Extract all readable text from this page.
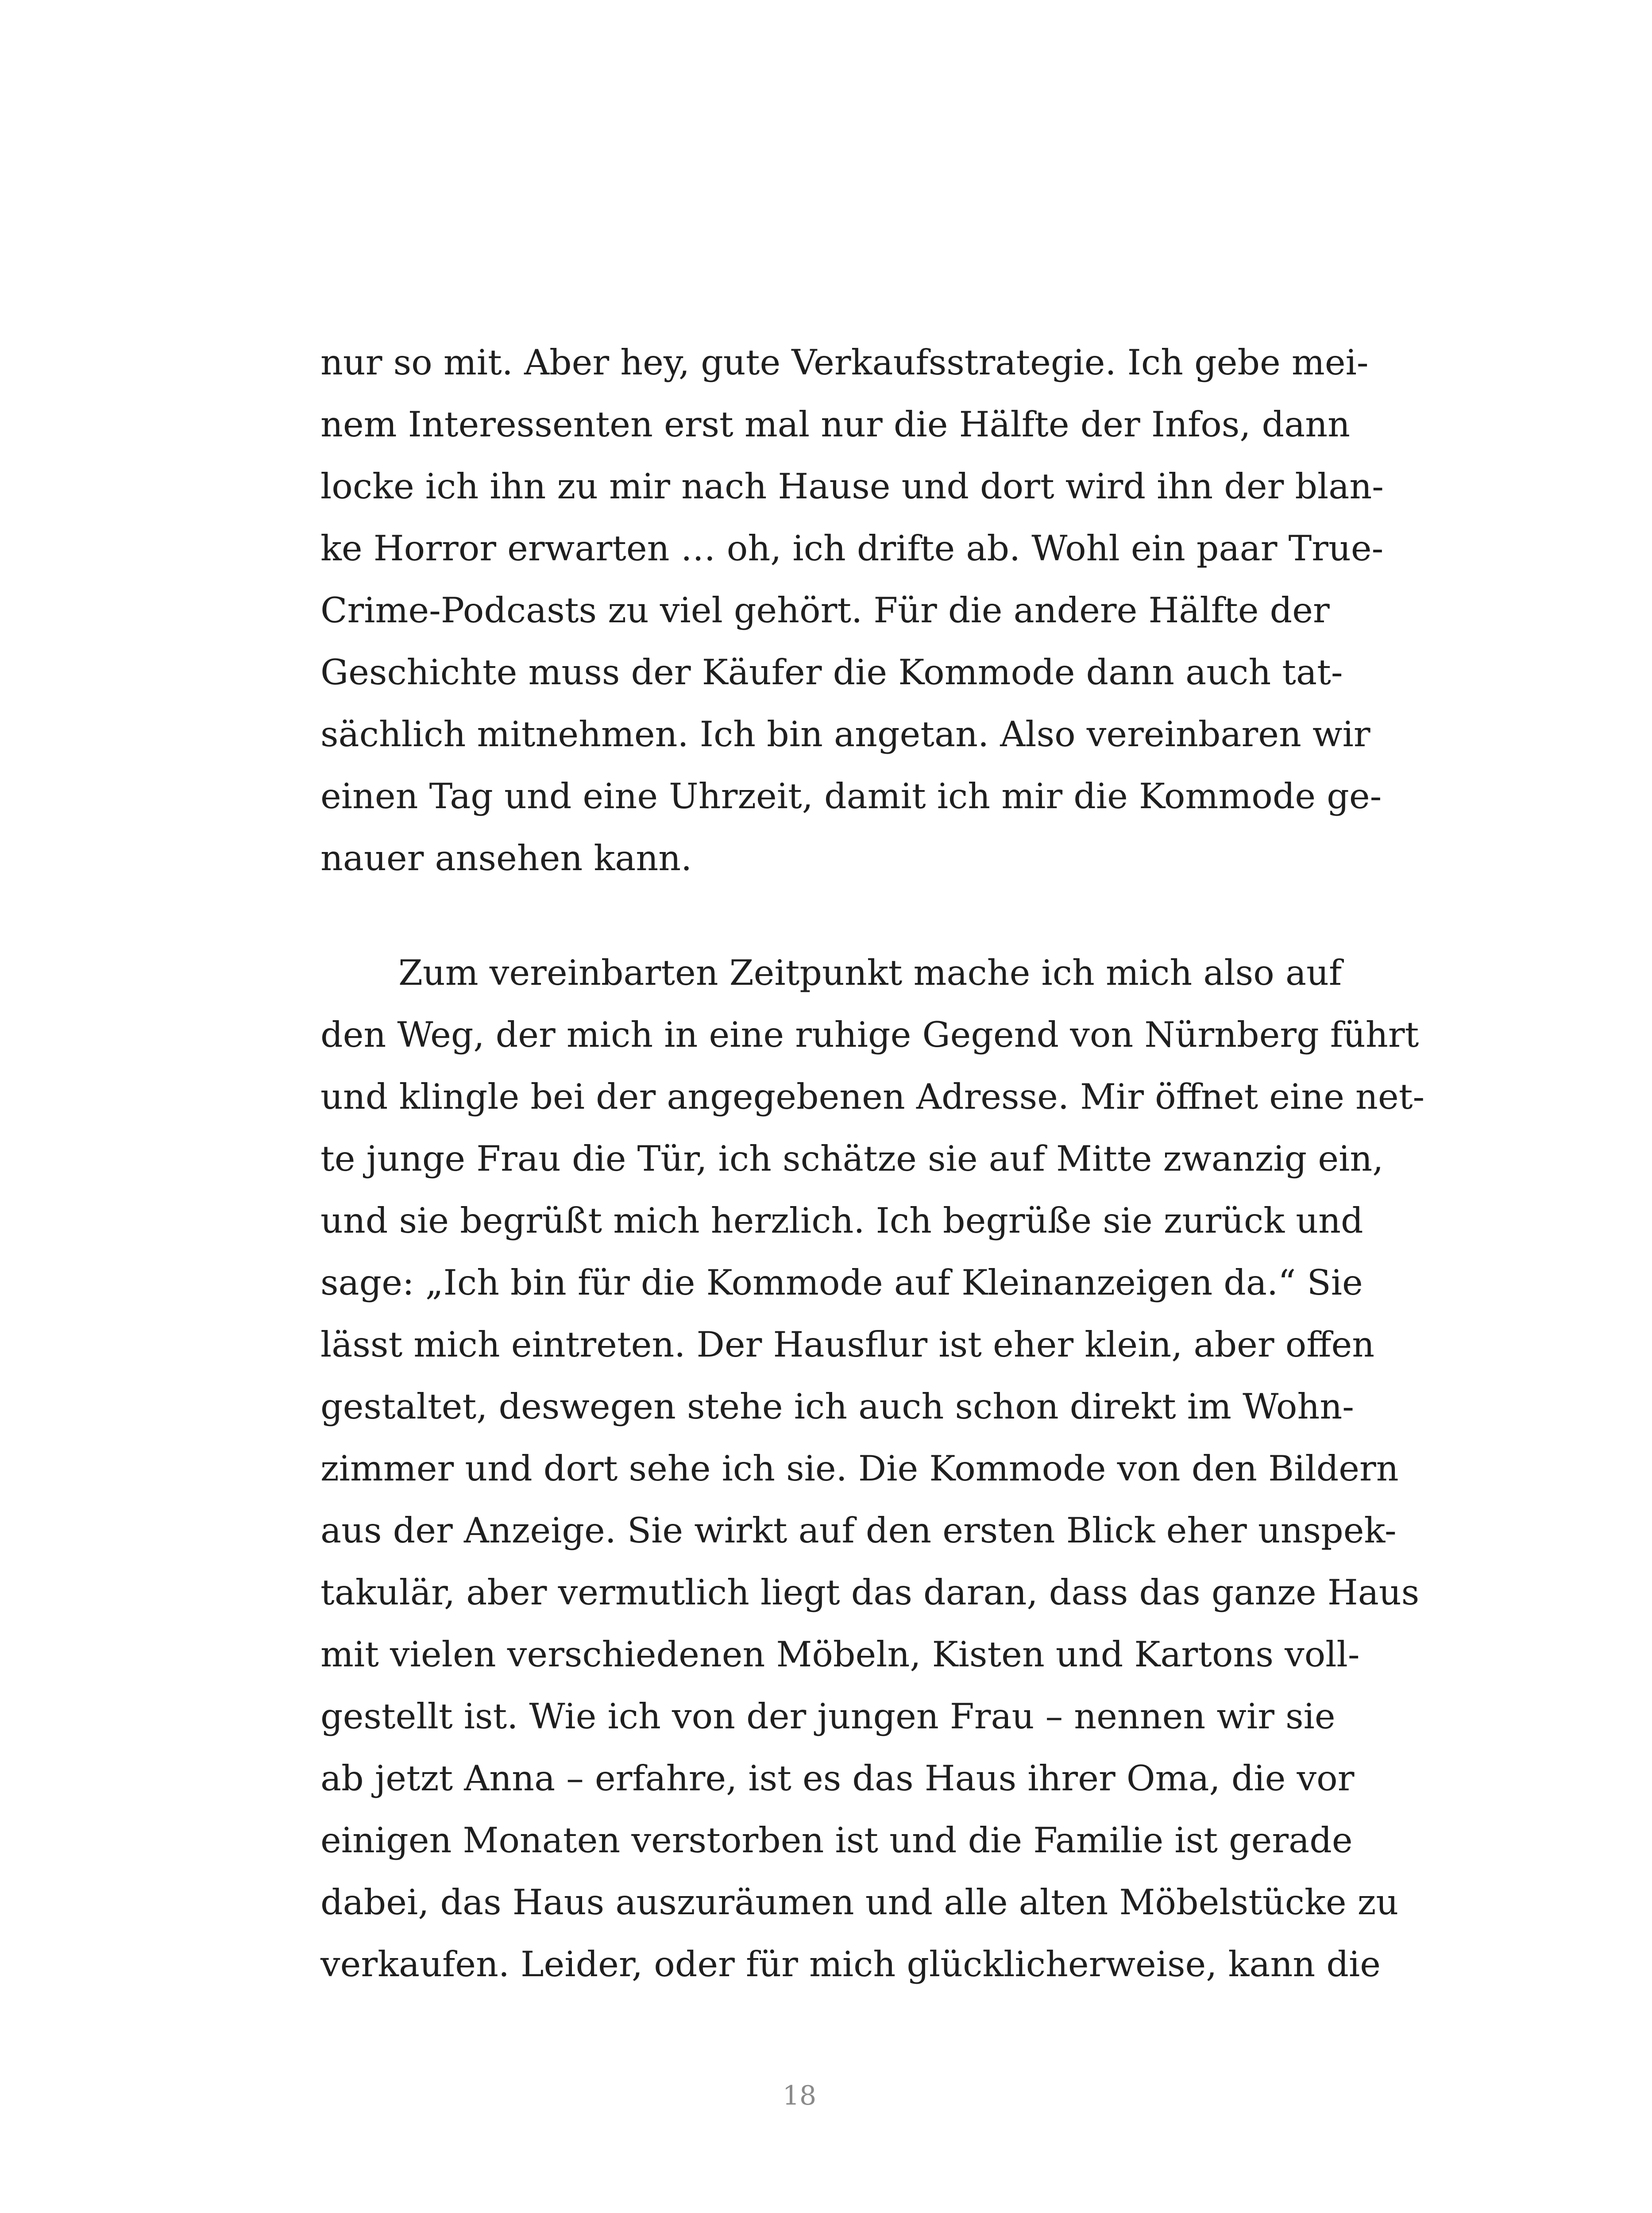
nur so mit. Aber hey, gute Verkaufsstrategie. Ich gebe mei-
nem Interessenten erst mal nur die Hälfte der Infos, dann
locke ich ihn zu mir nach Hause und dort wird ihn der blan-
ke Horror erwarten … oh, ich drifte ab. Wohl ein paar True-
Crime-Podcasts zu viel gehört. Für die andere Hälfte der
Geschichte muss der Käufer die Kommode dann auch tat-
sächlich mitnehmen. Ich bin angetan. Also vereinbaren wir
einen Tag und eine Uhrzeit, damit ich mir die Kommode ge-
nauer ansehen kann.
Zum vereinbarten Zeitpunkt mache ich mich also auf
den Weg, der mich in eine ruhige Gegend von Nürnberg führt
und klingle bei der angegebenen Adresse. Mir öffnet eine net-
te junge Frau die Tür, ich schätze sie auf Mitte zwanzig ein,
und sie begrüßt mich herzlich. Ich begrüße sie zurück und
sage: „Ich bin für die Kommode auf Kleinanzeigen da.“ Sie
lässt mich eintreten. Der Hausflur ist eher klein, aber offen
gestaltet, deswegen stehe ich auch schon direkt im Wohn-
zimmer und dort sehe ich sie. Die Kommode von den Bildern
aus der Anzeige. Sie wirkt auf den ersten Blick eher unspek-
takulär, aber vermutlich liegt das daran, dass das ganze Haus
mit vielen verschiedenen Möbeln, Kisten und Kartons voll-
gestellt ist. Wie ich von der jungen Frau – nennen wir sie
ab jetzt Anna – erfahre, ist es das Haus ihrer Oma, die vor
einigen Monaten verstorben ist und die Familie ist gerade
dabei, das Haus auszuräumen und alle alten Möbelstücke zu
verkaufen. Leider, oder für mich glücklicherweise, kann die
18
